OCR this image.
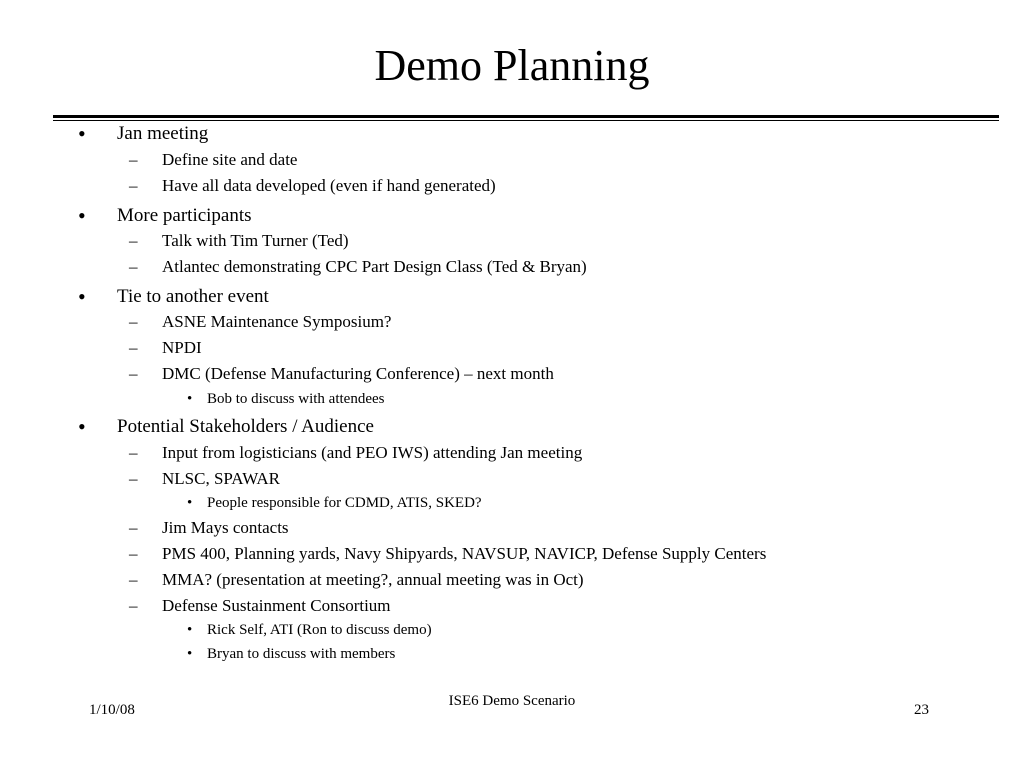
Demo Planning
• Jan meeting
– Define site and date
– Have all data developed (even if hand generated)
• More participants
– Talk with Tim Turner (Ted)
– Atlantec demonstrating CPC Part Design Class (Ted & Bryan)
• Tie to another event
– ASNE Maintenance Symposium?
– NPDI
– DMC (Defense Manufacturing Conference) – next month
• Bob to discuss with attendees
• Potential Stakeholders / Audience
– Input from logisticians (and PEO IWS) attending Jan meeting
– NLSC, SPAWAR
• People responsible for CDMD, ATIS, SKED?
– Jim Mays contacts
– PMS 400, Planning yards, Navy Shipyards, NAVSUP, NAVICP, Defense Supply Centers
– MMA? (presentation at meeting?, annual meeting was in Oct)
– Defense Sustainment Consortium
• Rick Self, ATI (Ron to discuss demo)
• Bryan to discuss with members
1/10/08
ISE6 Demo Scenario
23
